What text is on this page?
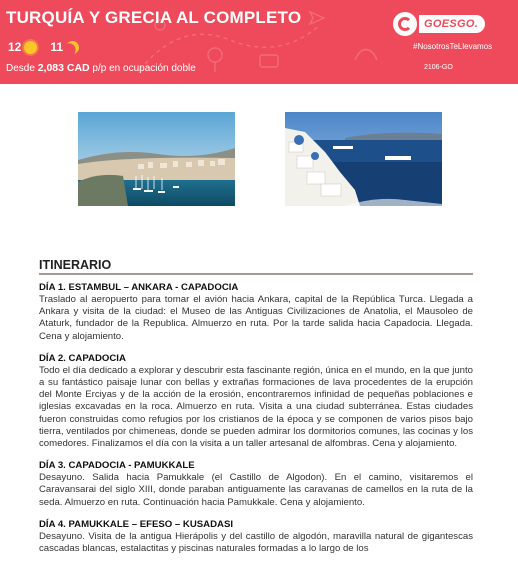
TURQUÍA Y GRECIA AL COMPLETO
12 11
Desde 2,083 CAD p/p en ocupación doble
GOESGO.
#NosotrosTeLlevamos
2106-GO
ITINERARIO
DÍA 1. ESTAMBUL – ANKARA - CAPADOCIA

Traslado al aeropuerto para tomar el avión hacia Ankara, capital de la República Turca. Llegada a Ankara y visita de la ciudad: el Museo de las Antiguas Civilizaciones de Anatolia, el Mausoleo de Ataturk, fundador de la Republica. Almuerzo en ruta. Por la tarde salida hacia Capadocia. Llegada. Cena y alojamiento.

DÍA 2. CAPADOCIA

Todo el día dedicado a explorar y descubrir esta fascinante región, única en el mundo, en la que junto a su fantástico paisaje lunar con bellas y extrañas formaciones de lava procedentes de la erupción del Monte Erciyas y de la acción de la erosión, encontraremos infinidad de pequeñas poblaciones e iglesias excavadas en la roca. Almuerzo en ruta. Visita a una ciudad subterránea. Estas ciudades fueron construidas como refugios por los cristianos de la época y se componen de varios pisos bajo tierra, ventilados por chimeneas, donde se pueden admirar los dormitorios comunes, las cocinas y los comedores. Finalizamos el día con la visita a un taller artesanal de alfombras. Cena y alojamiento.

DÍA 3. CAPADOCIA - PAMUKKALE

Desayuno. Salida hacia Pamukkale (el Castillo de Algodon). En el camino, visitaremos el Caravansarai del siglo XIII, donde paraban antiguamente las caravanas de camellos en la ruta de la seda. Almuerzo en ruta. Continuación hacia Pamukkale. Cena y alojamiento.

DÍA 4. PAMUKKALE – EFESO – KUSADASI

Desayuno. Visita de la antigua Hierápolis y del castillo de algodón, maravilla natural de gigantescas cascadas blancas, estalactitas y piscinas naturales formadas a lo largo de los
